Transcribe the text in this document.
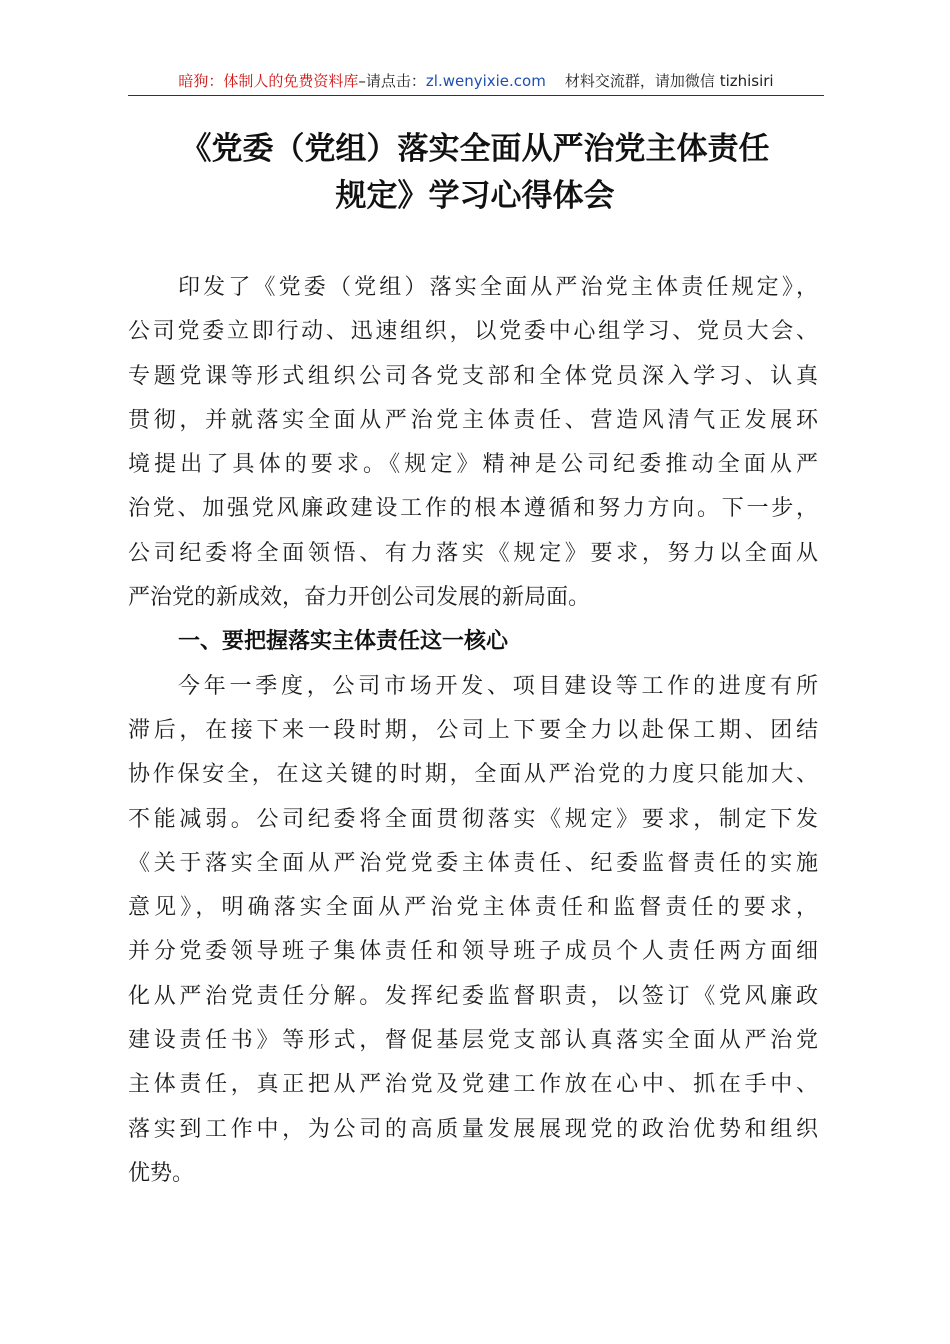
暗狗：体制人的免费资料库–请点击：zl.wenyixie.com 材料交流群，请加微信 tizhisiri
《党委（党组）落实全面从严治党主体责任
规定》学习心得体会
印发了《党委（党组）落实全面从严治党主体责任规定》，
公司党委立即行动、迅速组织，以党委中心组学习、党员大会、
专题党课等形式组织公司各党支部和全体党员深入学习、认真
贯彻，并就落实全面从严治党主体责任、营造风清气正发展环
境提出了具体的要求。《规定》精神是公司纪委推动全面从严
治党、加强党风廉政建设工作的根本遵循和努力方向。下一步，
公司纪委将全面领悟、有力落实《规定》要求，努力以全面从
严治党的新成效，奋力开创公司发展的新局面。
一、要把握落实主体责任这一核心
今年一季度，公司市场开发、项目建设等工作的进度有所
滞后，在接下来一段时期，公司上下要全力以赴保工期、团结
协作保安全，在这关键的时期，全面从严治党的力度只能加大、
不能减弱。公司纪委将全面贯彻落实《规定》要求，制定下发
《关于落实全面从严治党党委主体责任、纪委监督责任的实施
意见》，明确落实全面从严治党主体责任和监督责任的要求，
并分党委领导班子集体责任和领导班子成员个人责任两方面细
化从严治党责任分解。发挥纪委监督职责，以签订《党风廉政
建设责任书》等形式，督促基层党支部认真落实全面从严治党
主体责任，真正把从严治党及党建工作放在心中、抓在手中、
落实到工作中，为公司的高质量发展展现党的政治优势和组织
优势。
